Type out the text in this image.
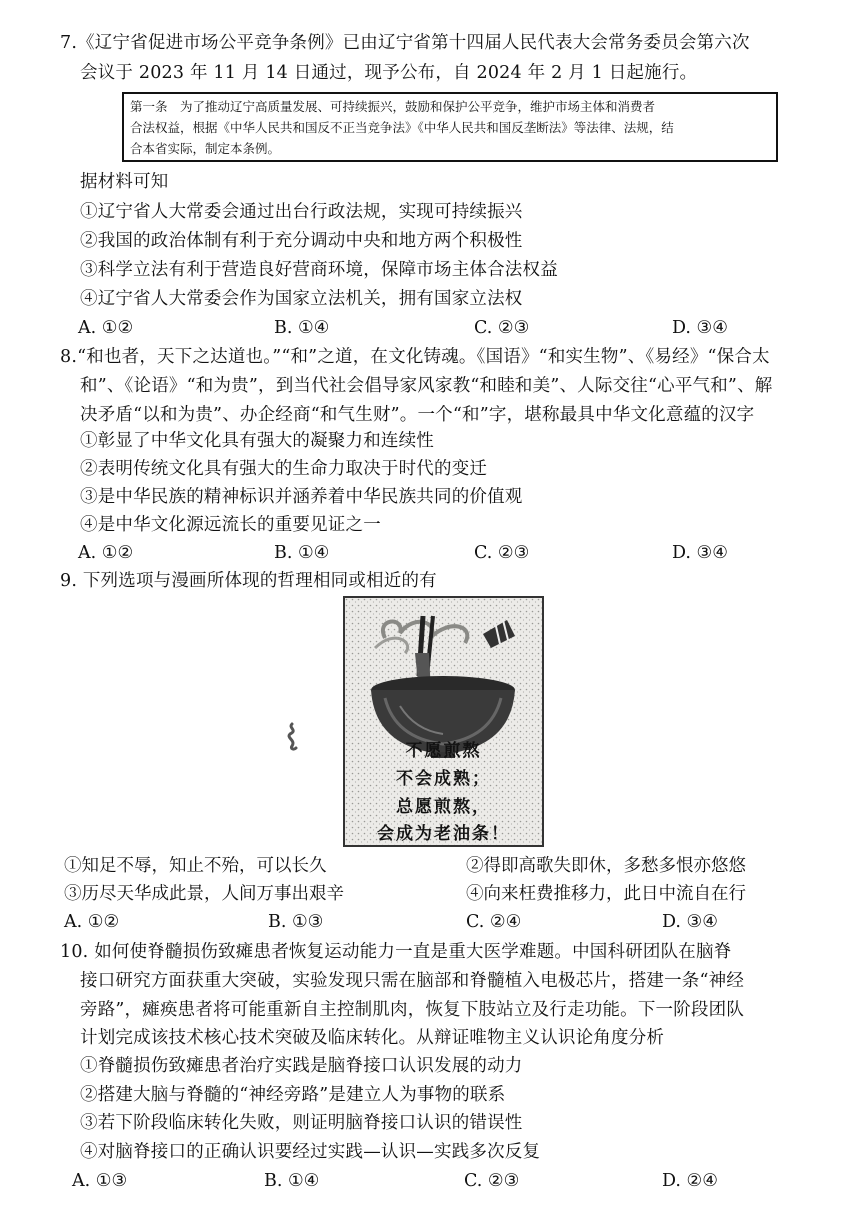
7.《辽宁省促进市场公平竞争条例》已由辽宁省第十四届人民代表大会常务委员会第六次
会议于 2023 年 11 月 14 日通过，现予公布，自 2024 年 2 月 1 日起施行。
第一条　为了推动辽宁高质量发展、可持续振兴，鼓励和保护公平竞争，维护市场主体和消费者
合法权益，根据《中华人民共和国反不正当竞争法》《中华人民共和国反垄断法》等法律、法规，结
合本省实际，制定本条例。
据材料可知
①辽宁省人大常委会通过出台行政法规，实现可持续振兴
②我国的政治体制有利于充分调动中央和地方两个积极性
③科学立法有利于营造良好营商环境，保障市场主体合法权益
④辽宁省人大常委会作为国家立法机关，拥有国家立法权
A. ①②	B. ①④	C. ②③	D. ③④
8.“和也者，天下之达道也。”“和”之道，在文化铸魂。《国语》“和实生物”、《易经》“保合太
和”、《论语》“和为贵”，到当代社会倡导家风家教“和睦和美”、人际交往“心平气和”、解
决矛盾“以和为贵”、办企经商“和气生财”。一个“和”字，堪称最具中华文化意蕴的汉字
①彰显了中华文化具有强大的凝聚力和连续性
②表明传统文化具有强大的生命力取决于时代的变迁
③是中华民族的精神标识并涵养着中华民族共同的价值观
④是中华文化源远流长的重要见证之一
A. ①②	B. ①④	C. ②③	D. ③④
9. 下列选项与漫画所体现的哲理相同或相近的有
不愿煎熬
不会成熟；
总愿煎熬，
会成为老油条！
①知足不辱，知止不殆，可以长久	②得即高歌失即休，多愁多恨亦悠悠
③历尽天华成此景，人间万事出艰辛	④向来枉费推移力，此日中流自在行
A. ①②	B. ①③	C. ②④	D. ③④
10. 如何使脊髓损伤致瘫患者恢复运动能力一直是重大医学难题。中国科研团队在脑脊
接口研究方面获重大突破，实验发现只需在脑部和脊髓植入电极芯片，搭建一条“神经
旁路”，瘫痪患者将可能重新自主控制肌肉，恢复下肢站立及行走功能。下一阶段团队
计划完成该技术核心技术突破及临床转化。从辩证唯物主义认识论角度分析
①脊髓损伤致瘫患者治疗实践是脑脊接口认识发展的动力
②搭建大脑与脊髓的“神经旁路”是建立人为事物的联系
③若下阶段临床转化失败，则证明脑脊接口认识的错误性
④对脑脊接口的正确认识要经过实践—认识—实践多次反复
A. ①③	B. ①④	C. ②③	D. ②④
